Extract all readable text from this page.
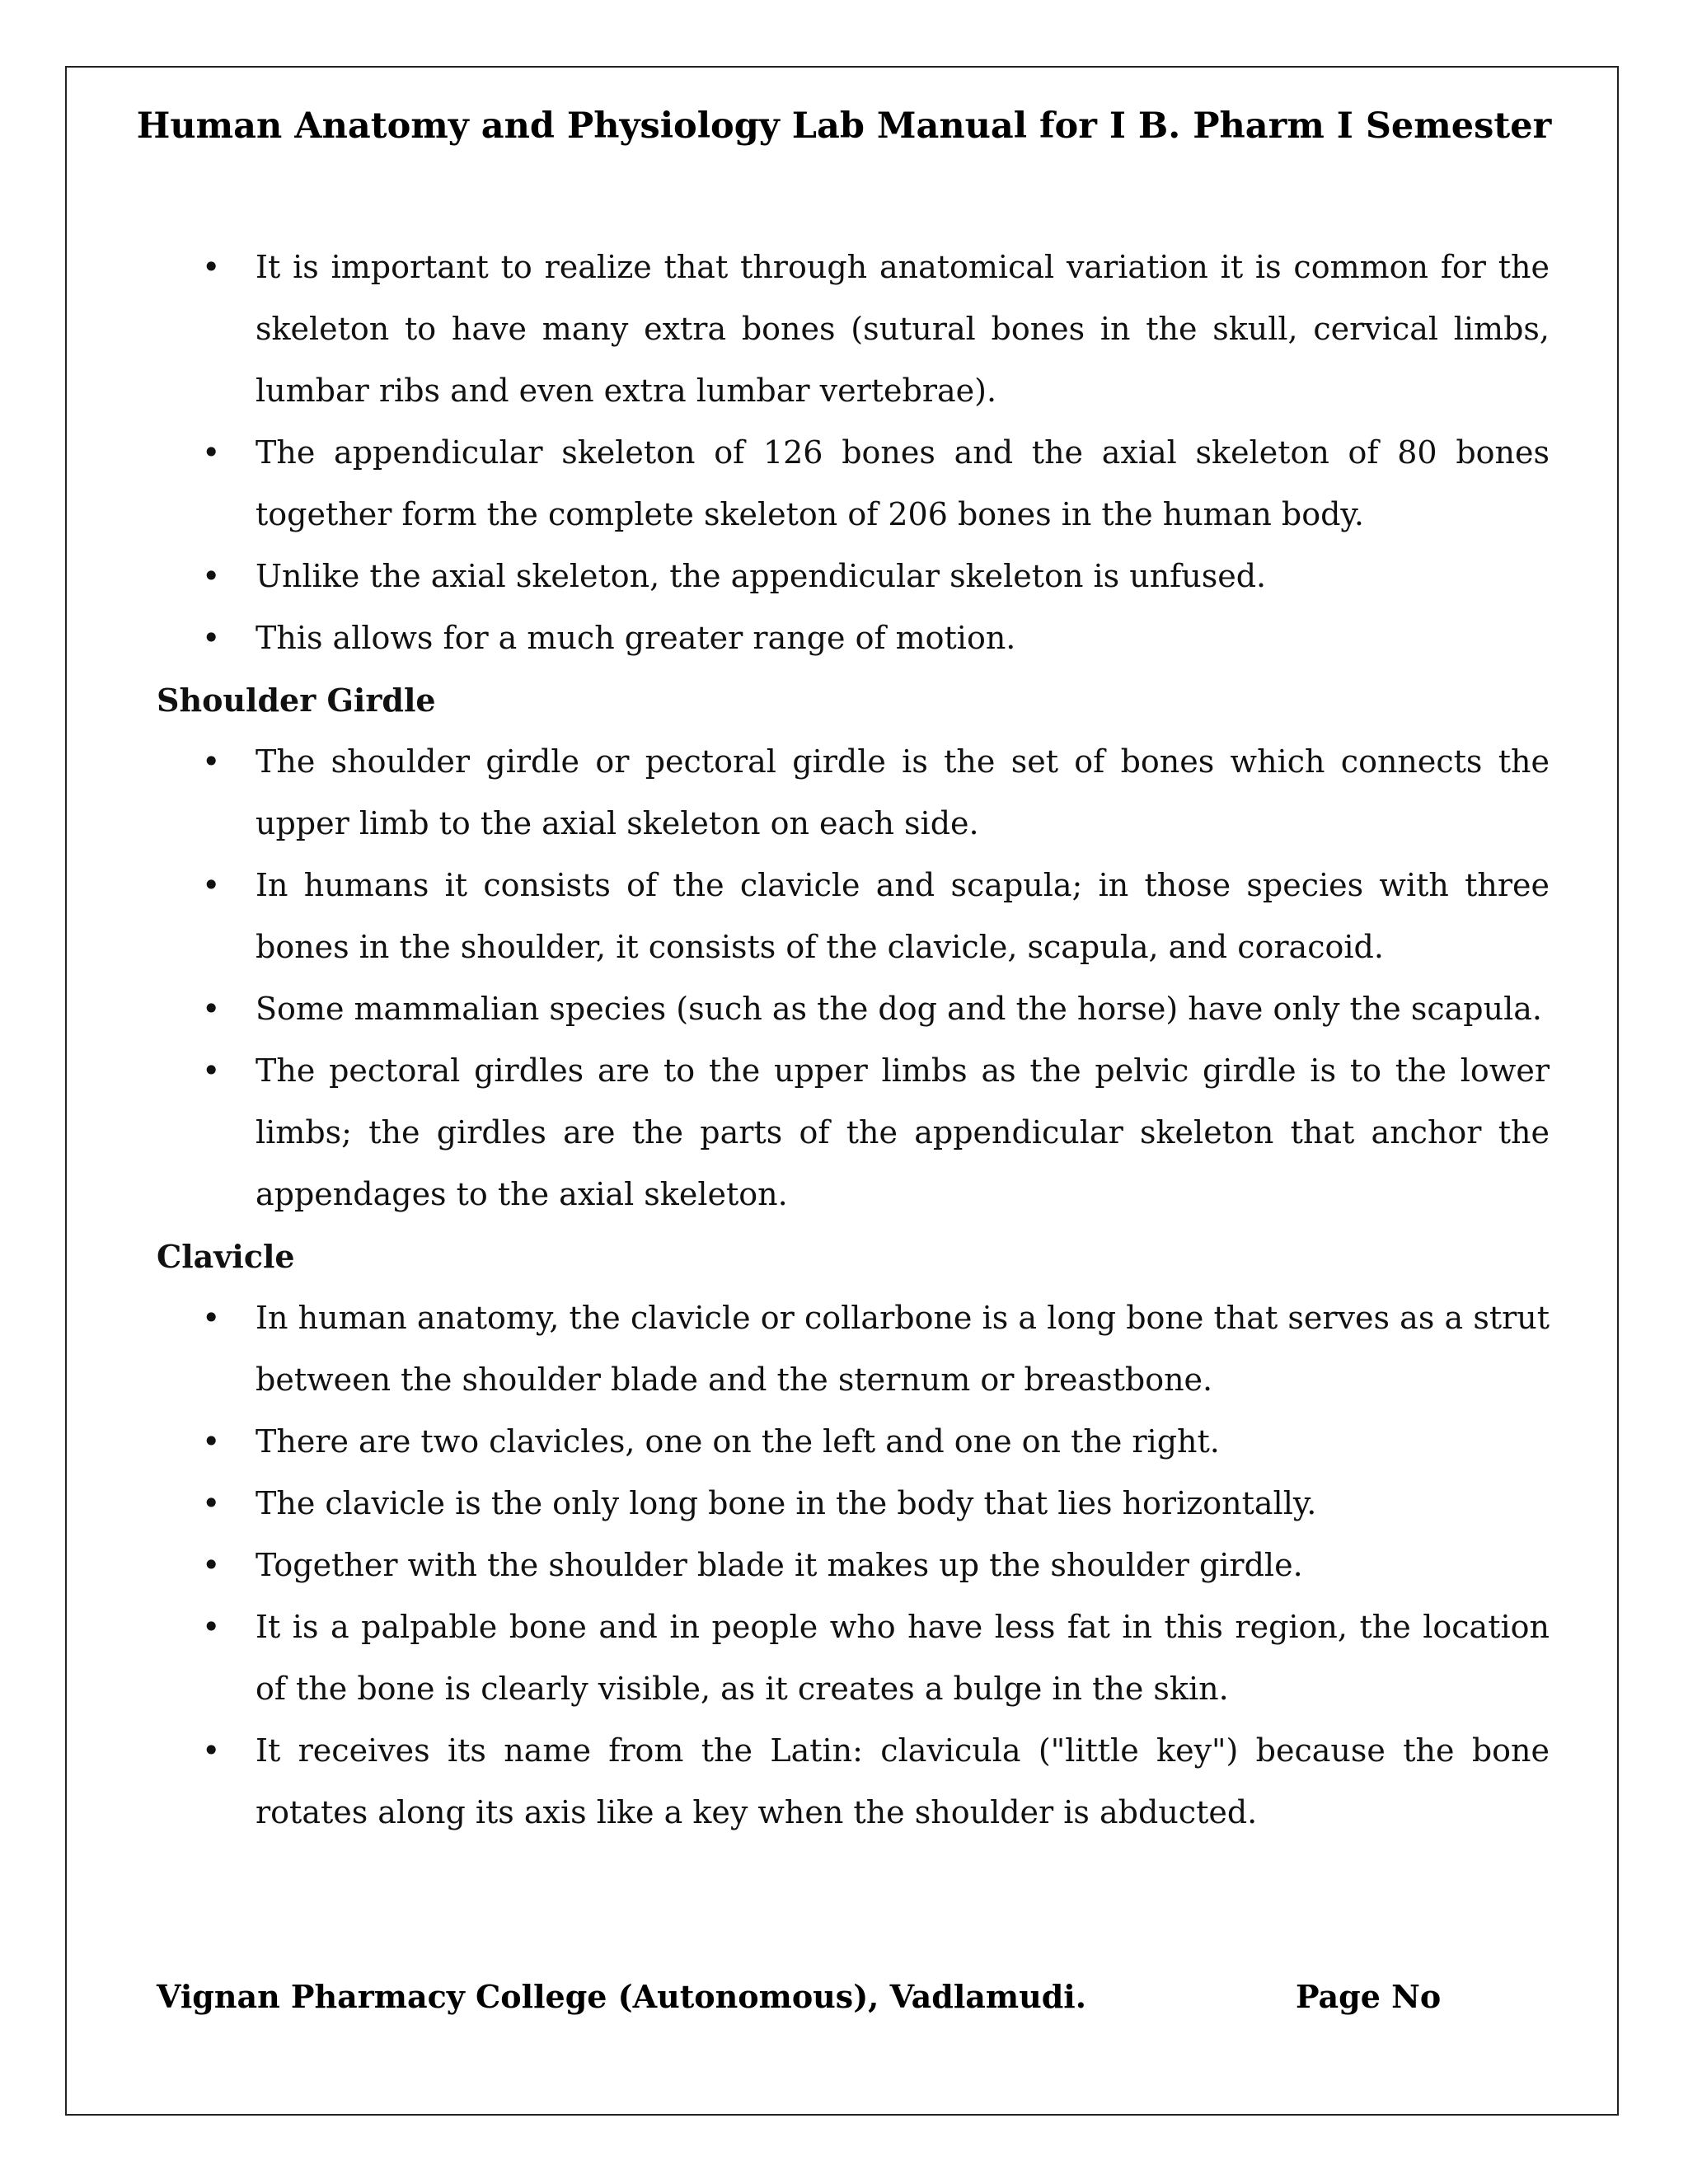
Human Anatomy and Physiology Lab Manual for I B. Pharm I Semester
• It is important to realize that through anatomical variation it is common for the skeleton to have many extra bones (sutural bones in the skull, cervical limbs, lumbar ribs and even extra lumbar vertebrae).
• The appendicular skeleton of 126 bones and the axial skeleton of 80 bones together form the complete skeleton of 206 bones in the human body.
• Unlike the axial skeleton, the appendicular skeleton is unfused.
• This allows for a much greater range of motion.
Shoulder Girdle
• The shoulder girdle or pectoral girdle is the set of bones which connects the upper limb to the axial skeleton on each side.
• In humans it consists of the clavicle and scapula; in those species with three bones in the shoulder, it consists of the clavicle, scapula, and coracoid.
• Some mammalian species (such as the dog and the horse) have only the scapula.
• The pectoral girdles are to the upper limbs as the pelvic girdle is to the lower limbs; the girdles are the parts of the appendicular skeleton that anchor the appendages to the axial skeleton.
Clavicle
• In human anatomy, the clavicle or collarbone is a long bone that serves as a strut between the shoulder blade and the sternum or breastbone.
• There are two clavicles, one on the left and one on the right.
• The clavicle is the only long bone in the body that lies horizontally.
• Together with the shoulder blade it makes up the shoulder girdle.
• It is a palpable bone and in people who have less fat in this region, the location of the bone is clearly visible, as it creates a bulge in the skin.
• It receives its name from the Latin: clavicula ("little key") because the bone rotates along its axis like a key when the shoulder is abducted.
Vignan Pharmacy College (Autonomous), Vadlamudi.	Page No
